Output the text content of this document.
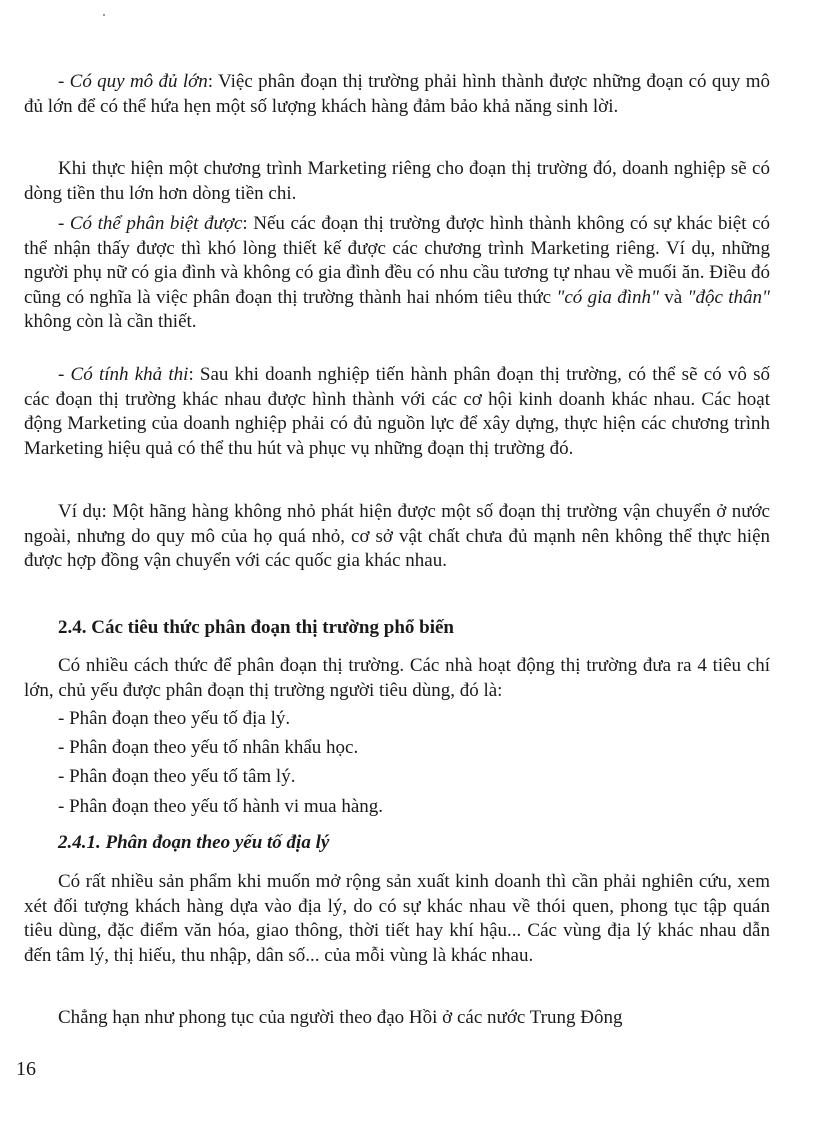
- Có quy mô đủ lớn: Việc phân đoạn thị trường phải hình thành được những đoạn có quy mô đủ lớn để có thể hứa hẹn một số lượng khách hàng đảm bảo khả năng sinh lời.

Khi thực hiện một chương trình Marketing riêng cho đoạn thị trường đó, doanh nghiệp sẽ có dòng tiền thu lớn hơn dòng tiền chi.

- Có thể phân biệt được: Nếu các đoạn thị trường được hình thành không có sự khác biệt có thể nhận thấy được thì khó lòng thiết kế được các chương trình Marketing riêng. Ví dụ, những người phụ nữ có gia đình và không có gia đình đều có nhu cầu tương tự nhau về muối ăn. Điều đó cũng có nghĩa là việc phân đoạn thị trường thành hai nhóm tiêu thức "có gia đình" và "độc thân" không còn là cần thiết.

- Có tính khả thi: Sau khi doanh nghiệp tiến hành phân đoạn thị trường, có thể sẽ có vô số các đoạn thị trường khác nhau được hình thành với các cơ hội kinh doanh khác nhau. Các hoạt động Marketing của doanh nghiệp phải có đủ nguồn lực để xây dựng, thực hiện các chương trình Marketing hiệu quả có thể thu hút và phục vụ những đoạn thị trường đó.

Ví dụ: Một hãng hàng không nhỏ phát hiện được một số đoạn thị trường vận chuyển ở nước ngoài, nhưng do quy mô của họ quá nhỏ, cơ sở vật chất chưa đủ mạnh nên không thể thực hiện được hợp đồng vận chuyển với các quốc gia khác nhau.

2.4. Các tiêu thức phân đoạn thị trường phổ biến

Có nhiều cách thức để phân đoạn thị trường. Các nhà hoạt động thị trường đưa ra 4 tiêu chí lớn, chủ yếu được phân đoạn thị trường người tiêu dùng, đó là:

- Phân đoạn theo yếu tố địa lý.

- Phân đoạn theo yếu tố nhân khẩu học.

- Phân đoạn theo yếu tố tâm lý.

- Phân đoạn theo yếu tố hành vi mua hàng.

2.4.1. Phân đoạn theo yếu tố địa lý

Có rất nhiều sản phẩm khi muốn mở rộng sản xuất kinh doanh thì cần phải nghiên cứu, xem xét đối tượng khách hàng dựa vào địa lý, do có sự khác nhau về thói quen, phong tục tập quán tiêu dùng, đặc điểm văn hóa, giao thông, thời tiết hay khí hậu... Các vùng địa lý khác nhau dẫn đến tâm lý, thị hiếu, thu nhập, dân số... của mỗi vùng là khác nhau.

Chẳng hạn như phong tục của người theo đạo Hồi ở các nước Trung Đông

16
